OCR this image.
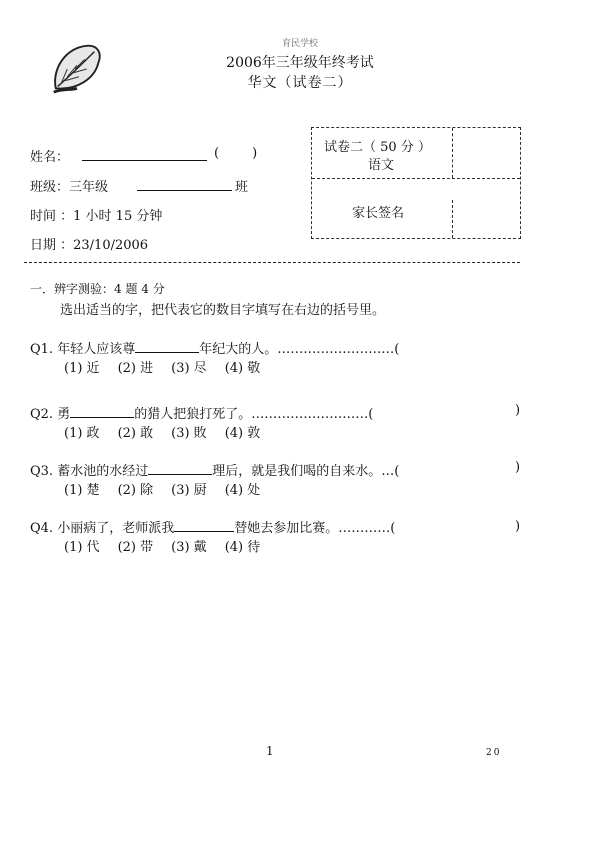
育民学校
2006年三年级年终考试
华文（试卷二）
姓名：	(        )
班级：三年级	班
时间 ：1 小时 15 分钟
日期 ：23/10/2006
试卷二（ 50 分 ）
语文
家长签名
一．辨字测验：4 题 4 分
选出适当的字，把代表它的数目字填写在右边的括号里。
Q1. 年轻人应该尊	年纪大的人。………………………(
(1) 近 (2) 进 (3) 尽 (4) 敬
Q2. 勇	的猎人把狼打死了。………………………(	)
(1) 政 (2) 敢 (3) 敗 (4) 敦
Q3. 蓄水池的水经过	理后，就是我们喝的自来水。…(	)
(1) 楚 (2) 除 (3) 厨 (4) 处
Q4. 小丽病了，老师派我	替她去参加比赛。…………(	)
(1) 代 (2) 带 (3) 戴 (4) 待
1	20
